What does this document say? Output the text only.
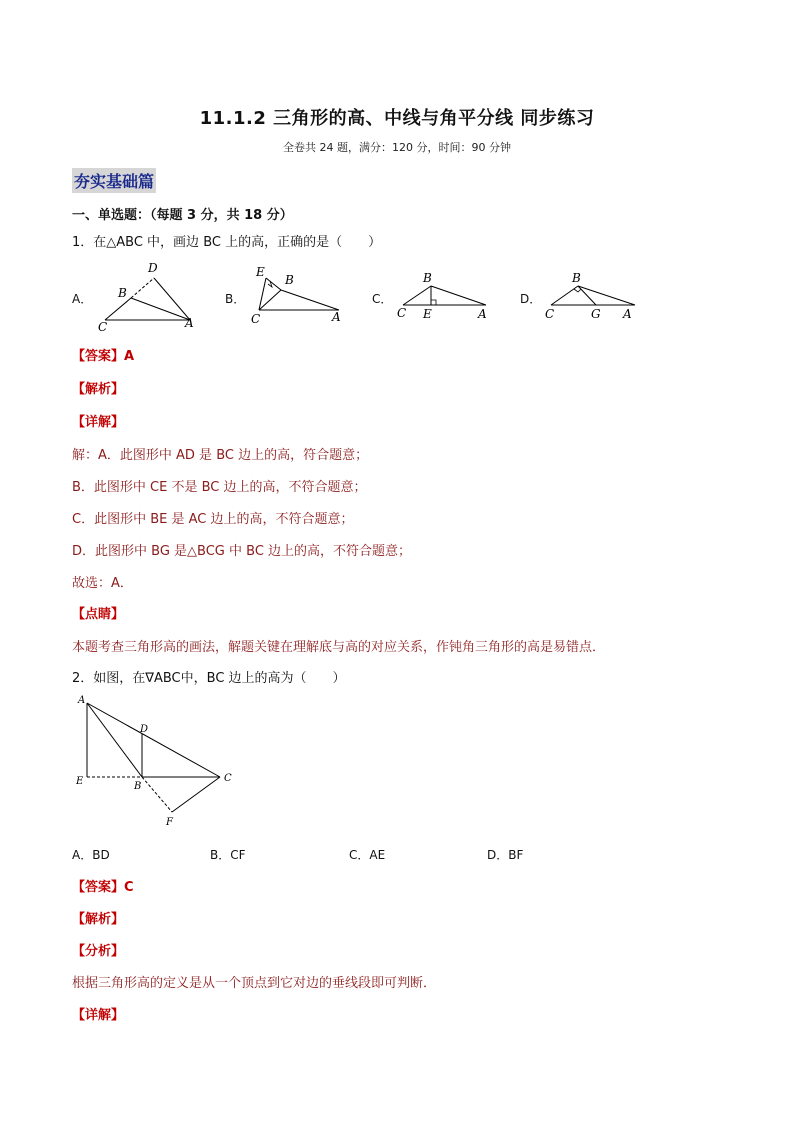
11.1.2 三角形的高、中线与角平分线 同步练习
全卷共 24 题，满分：120 分，时间：90 分钟
夯实基础篇
一、单选题：（每题 3 分，共 18 分）
1．在△ABC 中，画边 BC 上的高，正确的是（　　）
A．	B．	C．	D．
D
B
C	A
E
B
C	A
B
C E	A
B
C	G A
【答案】A
【解析】
【详解】
解：A．此图形中 AD 是 BC 边上的高，符合题意；
B．此图形中 CE 不是 BC 边上的高，不符合题意；
C．此图形中 BE 是 AC 边上的高，不符合题意；
D．此图形中 BG 是△BCG 中 BC 边上的高，不符合题意；
故选：A．
【点睛】
本题考查三角形高的画法，解题关键在理解底与高的对应关系，作钝角三角形的高是易错点．
2．如图，在∇ABC中，BC 边上的高为（　　）
A
D
C
E	B
F
A．BD	B．CF	C．AE	D．BF
【答案】C
【解析】
【分析】
根据三角形高的定义是从一个顶点到它对边的垂线段即可判断．
【详解】
